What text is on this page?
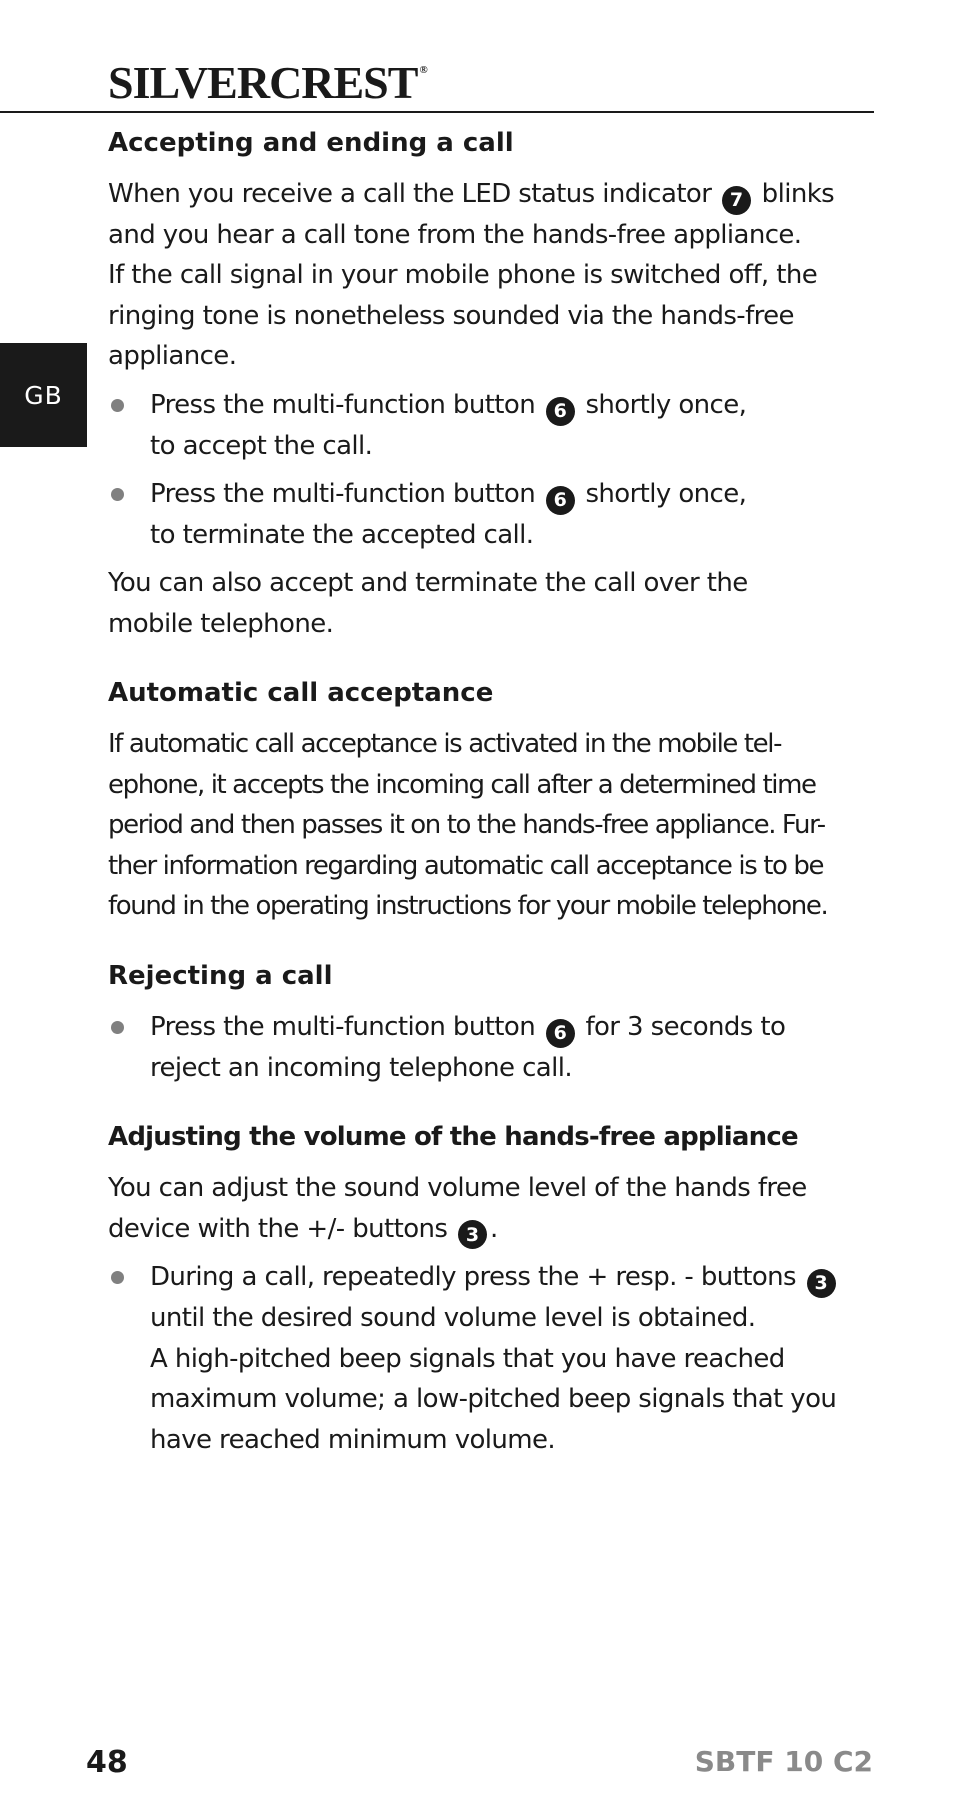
SILVERCREST ®
GB
Accepting and ending a call
When you receive a call the LED status indicator 7 blinks
and you hear a call tone from the hands-free appliance.
If the call signal in your mobile phone is switched off, the
ringing tone is nonetheless sounded via the hands-free
appliance.
Press the multi-function button 6 shortly once,
to accept the call.
Press the multi-function button 6 shortly once,
to terminate the accepted call.
You can also accept and terminate the call over the
mobile telephone.
Automatic call acceptance
If automatic call acceptance is activated in the mobile tel-
ephone, it accepts the incoming call after a determined time
period and then passes it on to the hands-free appliance. Fur-
ther information regarding automatic call acceptance is to be
found in the operating instructions for your mobile telephone.
Rejecting a call
Press the multi-function button 6 for 3 seconds to
reject an incoming telephone call.
Adjusting the volume of the hands-free appliance
You can adjust the sound volume level of the hands free
device with the +/- buttons 3 .
During a call, repeatedly press the + resp. - buttons 3
until the desired sound volume level is obtained.
A high-pitched beep signals that you have reached
maximum volume; a low-pitched beep signals that you
have reached minimum volume.
48	SBTF 10 C2
